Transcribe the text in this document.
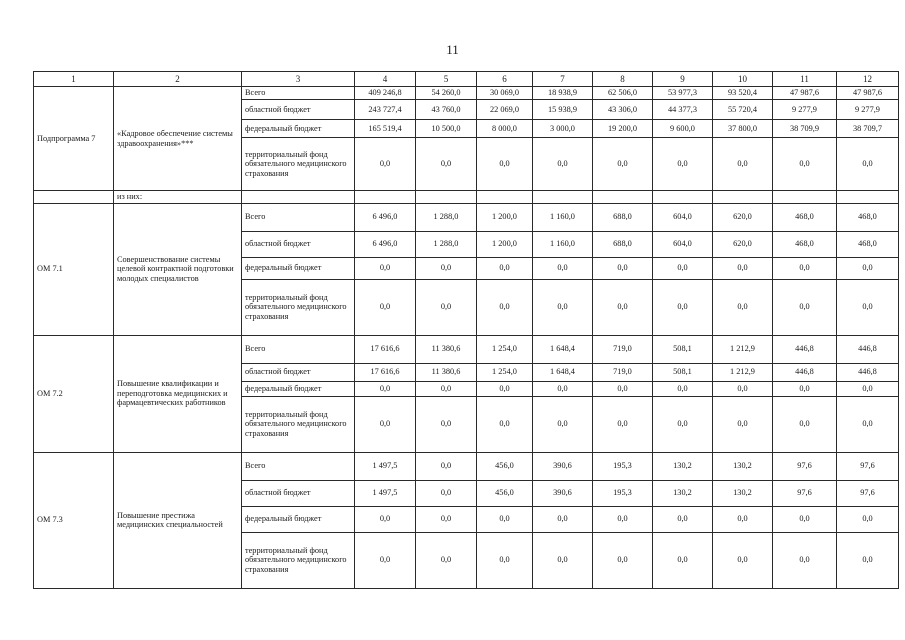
11
1	2	3	4	5	6	7	8	9	10	11	12
Подпрограмма 7	«Кадровое обеспечение системы здравоохранения»***	Всего	409 246,8	54 260,0	30 069,0	18 938,9	62 506,0	53 977,3	93 520,4	47 987,6	47 987,6
		областной бюджет	243 727,4	43 760,0	22 069,0	15 938,9	43 306,0	44 377,3	55 720,4	9 277,9	9 277,9
		федеральный бюджет	165 519,4	10 500,0	8 000,0	3 000,0	19 200,0	9 600,0	37 800,0	38 709,9	38 709,7
		территориальный фонд обязательного медицинского страхования	0,0	0,0	0,0	0,0	0,0	0,0	0,0	0,0	0,0
	из них:										
ОМ 7.1	Совершенствование системы целевой контрактной подготовки молодых специалистов	Всего	6 496,0	1 288,0	1 200,0	1 160,0	688,0	604,0	620,0	468,0	468,0
		областной бюджет	6 496,0	1 288,0	1 200,0	1 160,0	688,0	604,0	620,0	468,0	468,0
		федеральный бюджет	0,0	0,0	0,0	0,0	0,0	0,0	0,0	0,0	0,0
		территориальный фонд обязательного медицинского страхования	0,0	0,0	0,0	0,0	0,0	0,0	0,0	0,0	0,0
ОМ 7.2	Повышение квалификации и переподготовка медицинских и фармацевтических работников	Всего	17 616,6	11 380,6	1 254,0	1 648,4	719,0	508,1	1 212,9	446,8	446,8
		областной бюджет	17 616,6	11 380,6	1 254,0	1 648,4	719,0	508,1	1 212,9	446,8	446,8
		федеральный бюджет	0,0	0,0	0,0	0,0	0,0	0,0	0,0	0,0	0,0
		территориальный фонд обязательного медицинского страхования	0,0	0,0	0,0	0,0	0,0	0,0	0,0	0,0	0,0
ОМ 7.3	Повышение престижа медицинских специальностей	Всего	1 497,5	0,0	456,0	390,6	195,3	130,2	130,2	97,6	97,6
		областной бюджет	1 497,5	0,0	456,0	390,6	195,3	130,2	130,2	97,6	97,6
		федеральный бюджет	0,0	0,0	0,0	0,0	0,0	0,0	0,0	0,0	0,0
		территориальный фонд обязательного медицинского страхования	0,0	0,0	0,0	0,0	0,0	0,0	0,0	0,0	0,0
